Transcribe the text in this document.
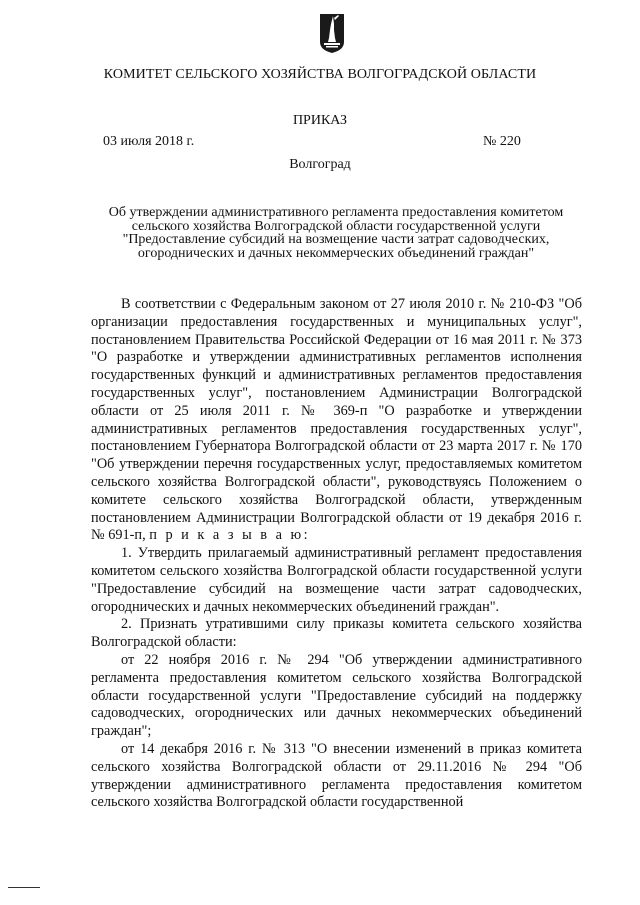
КОМИТЕТ СЕЛЬСКОГО ХОЗЯЙСТВА ВОЛГОГРАДСКОЙ ОБЛАСТИ
ПРИКАЗ
03 июля 2018 г.	№ 220
Волгоград
Об утверждении административного регламента предоставления комитетом сельского хозяйства Волгоградской области государственной услуги "Предоставление субсидий на возмещение части затрат садоводческих, огороднических и дачных некоммерческих объединений граждан"

В соответствии с Федеральным законом от 27 июля 2010 г. № 210-ФЗ "Об организации предоставления государственных и муниципальных услуг", постановлением Правительства Российской Федерации от 16 мая 2011 г. № 373 "О разработке и утверждении административных регламентов исполнения государственных функций и административных регламентов предоставления государственных услуг", постановлением Администрации Волгоградской области от 25 июля 2011 г. № 369-п "О разработке и утверждении административных регламентов предоставления государственных услуг", постановлением Губернатора Волгоградской области от 23 марта 2017 г. № 170 "Об утверждении перечня государственных услуг, предоставляемых комитетом сельского хозяйства Волгоградской области", руководствуясь Положением о комитете сельского хозяйства Волгоградской области, утвержденным постановлением Администрации Волгоградской области от 19 декабря 2016 г. № 691-п, п р и к а з ы в а ю:

1. Утвердить прилагаемый административный регламент предоставления комитетом сельского хозяйства Волгоградской области государственной услуги "Предоставление субсидий на возмещение части затрат садоводческих, огороднических и дачных некоммерческих объединений граждан".

2. Признать утратившими силу приказы комитета сельского хозяйства Волгоградской области:

от 22 ноября 2016 г. № 294 "Об утверждении административного регламента предоставления комитетом сельского хозяйства Волгоградской области государственной услуги "Предоставление субсидий на поддержку садоводческих, огороднических или дачных некоммерческих объединений граждан";

от 14 декабря 2016 г. № 313 "О внесении изменений в приказ комитета сельского хозяйства Волгоградской области от 29.11.2016 № 294 "Об утверждении административного регламента предоставления комитетом сельского хозяйства Волгоградской области государственной
